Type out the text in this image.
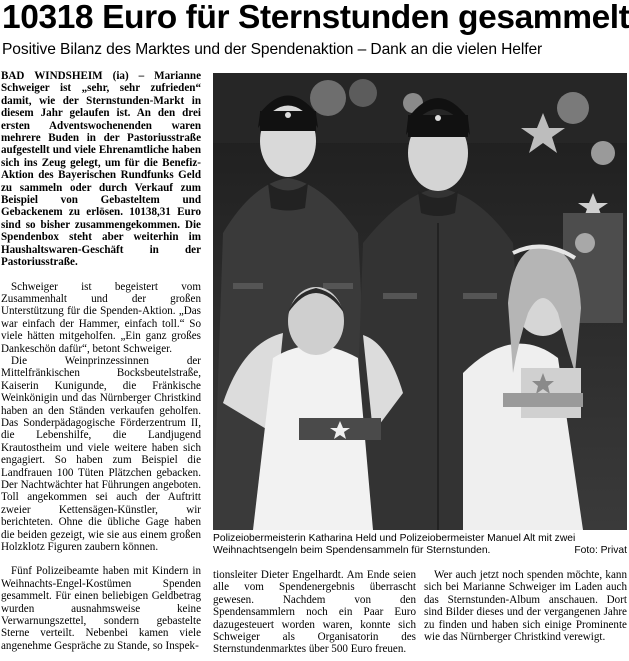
10318 Euro für Sternstunden gesammelt
Positive Bilanz des Marktes und der Spendenaktion – Dank an die vielen Helfer

BAD WINDSHEIM (ia) – Marianne Schweiger ist „sehr, sehr zufrieden“ damit, wie der Sternstunden-Markt in diesem Jahr gelaufen ist. An den drei ersten Adventswochenenden waren mehrere Buden in der Pastoriusstraße aufgestellt und viele Ehrenamtliche haben sich ins Zeug gelegt, um für die Benefiz-Aktion des Bayerischen Rundfunks Geld zu sammeln oder durch Verkauf zum Beispiel von Gebasteltem und Gebackenem zu erlösen. 10138,31 Euro sind so bisher zusammengekommen. Die Spendenbox steht aber weiterhin im Haushaltswaren-Geschäft in der Pastoriusstraße.

Schweiger ist begeistert vom Zusammenhalt und der großen Unterstützung für die Spenden-Aktion. „Das war einfach der Hammer, einfach toll.“ So viele hätten mitgeholfen. „Ein ganz großes Dankeschön dafür“, betont Schweiger.

Die Weinprinzessinnen der Mittelfränkischen Bocksbeutelstraße, Kaiserin Kunigunde, die Fränkische Weinkönigin und das Nürnberger Christkind haben an den Ständen verkaufen geholfen. Das Sonderpädagogische Förderzentrum II, die Lebenshilfe, die Landjugend Krautostheim und viele weitere haben sich engagiert. So haben zum Beispiel die Landfrauen 100 Tüten Plätzchen gebacken. Der Nachtwächter hat Führungen angeboten. Toll angekommen sei auch der Auftritt zweier Kettensägen-Künstler, wir berichteten. Ohne die übliche Gage haben die beiden gezeigt, wie sie aus einem großen Holzklotz Figuren zaubern können.

Fünf Polizeibeamte haben mit Kindern in Weihnachts-Engel-Kostümen Spenden gesammelt. Für einen beliebigen Geldbetrag wurden ausnahmsweise keine Verwarnungszettel, sondern gebastelte Sterne verteilt. Nebenbei kamen viele angenehme Gespräche zu Stande, so Inspek-

Polizeiobermeisterin Katharina Held und Polizeiobermeister Manuel Alt mit zwei Weihnachtsengeln beim Spendensammeln für Sternstunden.	Foto: Privat

tionsleiter Dieter Engelhardt. Am Ende seien alle vom Spendenergebnis überrascht gewesen. Nachdem von den Spendensammlern noch ein Paar Euro dazugesteuert worden waren, konnte sich Schweiger als Organisatorin des Sternstundenmarktes über 500 Euro freuen.

Wer auch jetzt noch spenden möchte, kann sich bei Marianne Schweiger im Laden auch das Sternstunden-Album anschauen. Dort sind Bilder dieses und der vergangenen Jahre zu finden und haben sich einige Prominente wie das Nürnberger Christkind verewigt.
